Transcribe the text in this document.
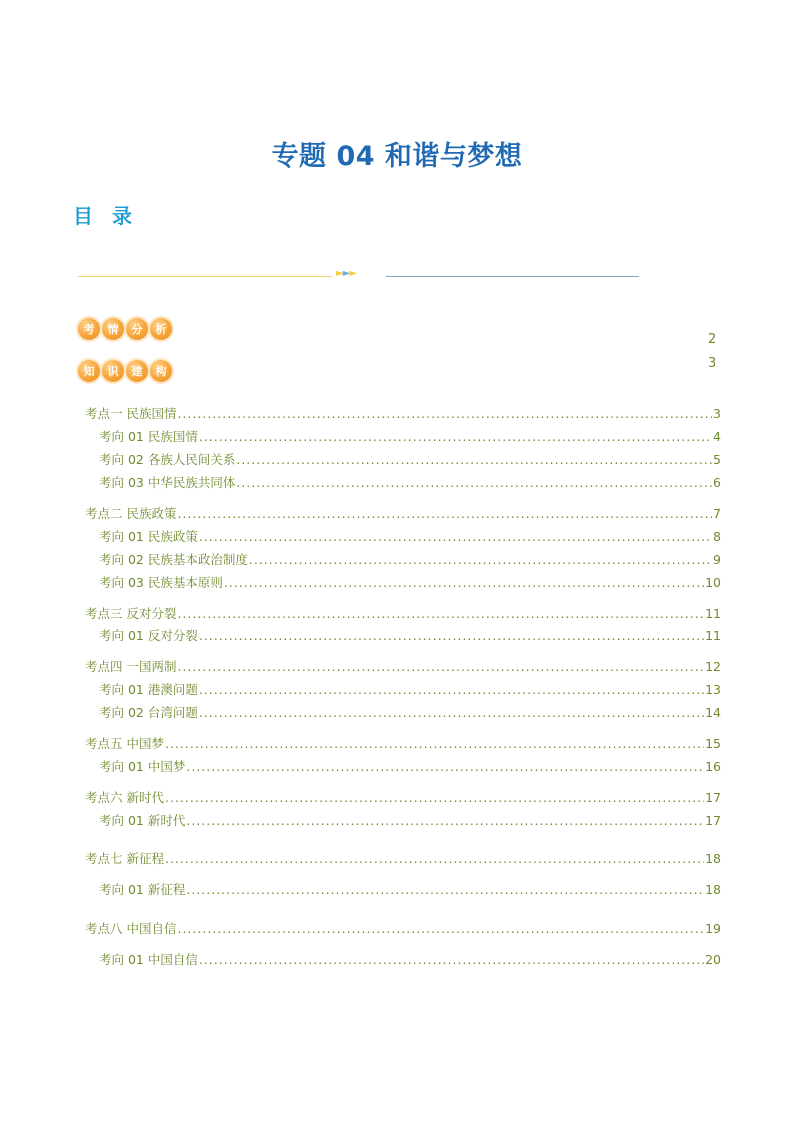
专题 04 和谐与梦想
目 录
►►►
考	情	分	析
2
知	识	建	构
3
考点一 民族国情 .....	3
考向 01 民族国情 .....	4
考向 02 各族人民间关系 .....	5
考向 03 中华民族共同体 .....	6
考点二 民族政策 .....	7
考向 01 民族政策 .....	8
考向 02 民族基本政治制度 .....	9
考向 03 民族基本原则 .....	10
考点三 反对分裂 .....	11
考向 01 反对分裂 .....	11
考点四 一国两制 .....	12
考向 01 港澳问题 .....	13
考向 02 台湾问题 .....	14
考点五 中国梦 .....	15
考向 01 中国梦 .....	16
考点六 新时代 .....	17
考向 01 新时代 .....	17
考点七 新征程 .....	18
考向 01 新征程 .....	18
考点八 中国自信 .....	19
考向 01 中国自信 .....	20
